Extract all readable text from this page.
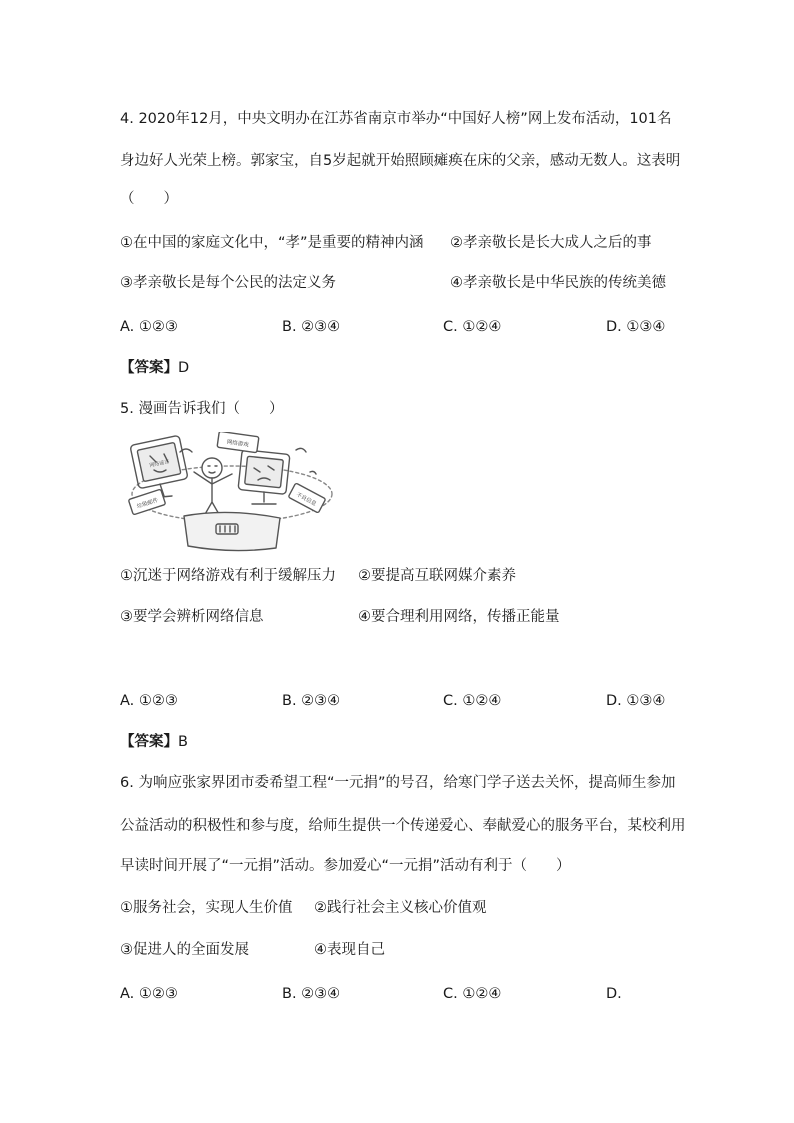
4. 2020年12月，中央文明办在江苏省南京市举办“中国好人榜”网上发布活动，101名
身边好人光荣上榜。郭家宝，自5岁起就开始照顾瘫痪在床的父亲，感动无数人。这表明
（　　）
①在中国的家庭文化中，“孝”是重要的精神内涵 ②孝亲敬长是长大成人之后的事
③孝亲敬长是每个公民的法定义务	④孝亲敬长是中华民族的传统美德
A. ①②③	B. ②③④	C. ①②④	D. ①③④
【答案】D
5. 漫画告诉我们（　　）
网络游戏
不良信息
垃圾邮件
网络谣言
①沉迷于网络游戏有利于缓解压力 ②要提高互联网媒介素养
③要学会辨析网络信息	④要合理利用网络，传播正能量
A. ①②③	B. ②③④	C. ①②④	D. ①③④
【答案】B
6. 为响应张家界团市委希望工程“一元捐”的号召，给寒门学子送去关怀，提高师生参加
公益活动的积极性和参与度，给师生提供一个传递爱心、奉献爱心的服务平台，某校利用
早读时间开展了“一元捐”活动。参加爱心“一元捐”活动有利于（　　）
①服务社会，实现人生价值 ②践行社会主义核心价值观
③促进人的全面发展	④表现自己
A. ①②③	B. ②③④	C. ①②④	D.
